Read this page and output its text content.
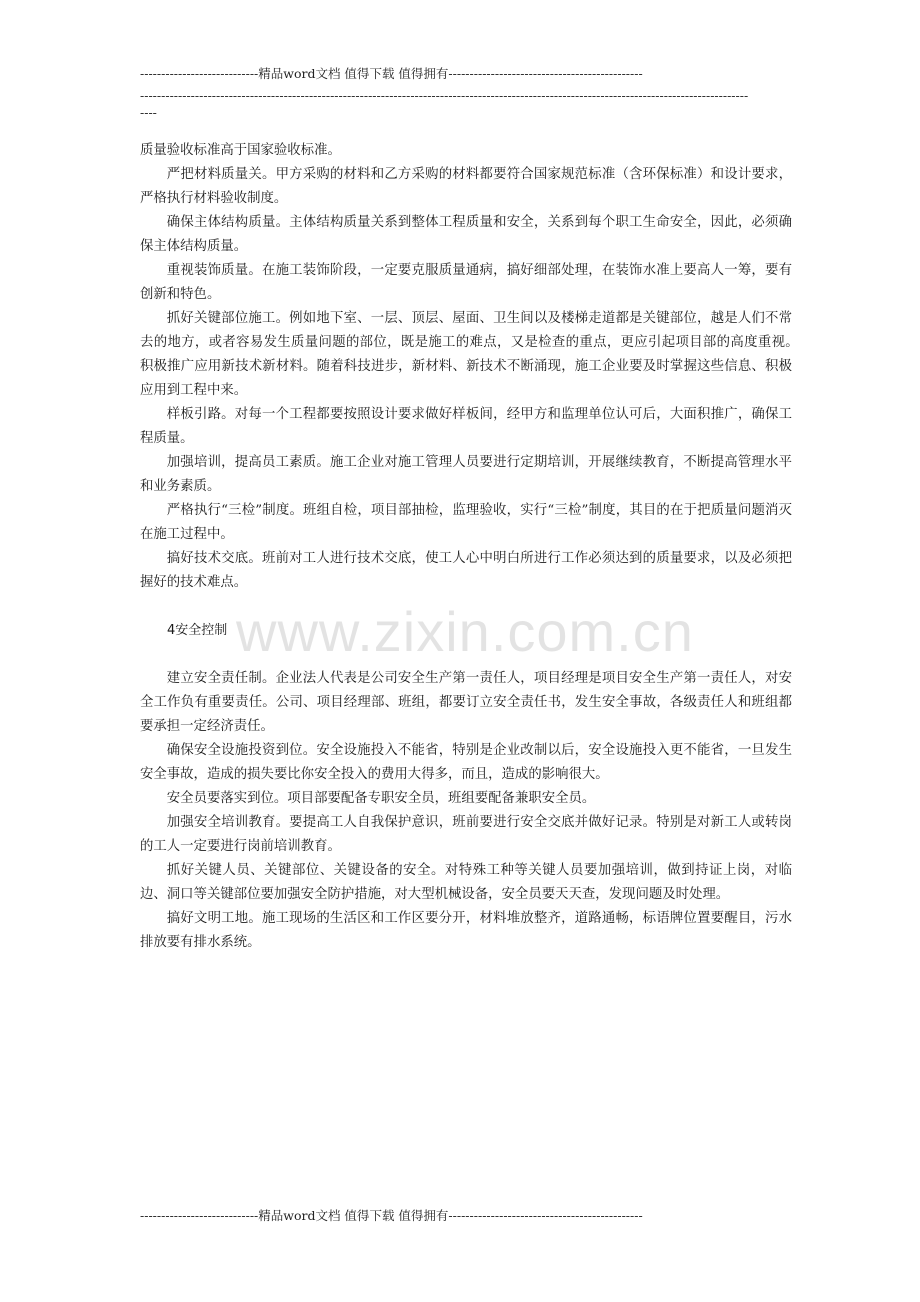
----------------------------精品word文档 值得下载 值得拥有----------------------------------------------
------------------------------------------------------------------------------------------------------------------------------------------------
----

质量验收标准高于国家验收标准。

严把材料质量关。甲方采购的材料和乙方采购的材料都要符合国家规范标准（含环保标准）和设计要求，严格执行材料验收制度。

确保主体结构质量。主体结构质量关系到整体工程质量和安全，关系到每个职工生命安全，因此，必须确保主体结构质量。

重视装饰质量。在施工装饰阶段，一定要克服质量通病，搞好细部处理，在装饰水准上要高人一筹，要有创新和特色。

抓好关键部位施工。例如地下室、一层、顶层、屋面、卫生间以及楼梯走道都是关键部位，越是人们不常去的地方，或者容易发生质量问题的部位，既是施工的难点，又是检查的重点，更应引起项目部的高度重视。　积极推广应用新技术新材料。随着科技进步，新材料、新技术不断涌现，施工企业要及时掌握这些信息、积极应用到工程中来。

样板引路。对每一个工程都要按照设计要求做好样板间，经甲方和监理单位认可后，大面积推广，确保工程质量。

加强培训，提高员工素质。施工企业对施工管理人员要进行定期培训，开展继续教育，不断提高管理水平和业务素质。

严格执行“三检”制度。班组自检，项目部抽检，监理验收，实行“三检”制度，其目的在于把质量问题消灭在施工过程中。

搞好技术交底。班前对工人进行技术交底，使工人心中明白所进行工作必须达到的质量要求，以及必须把握好的技术难点。

4安全控制

建立安全责任制。企业法人代表是公司安全生产第一责任人，项目经理是项目安全生产第一责任人，对安全工作负有重要责任。公司、项目经理部、班组，都要订立安全责任书，发生安全事故，各级责任人和班组都要承担一定经济责任。

确保安全设施投资到位。安全设施投入不能省，特别是企业改制以后，安全设施投入更不能省，一旦发生安全事故，造成的损失要比你安全投入的费用大得多，而且，造成的影响很大。

安全员要落实到位。项目部要配备专职安全员，班组要配备兼职安全员。

加强安全培训教育。要提高工人自我保护意识，班前要进行安全交底并做好记录。特别是对新工人或转岗的工人一定要进行岗前培训教育。

抓好关键人员、关键部位、关键设备的安全。对特殊工种等关键人员要加强培训，做到持证上岗，对临边、洞口等关键部位要加强安全防护措施，对大型机械设备，安全员要天天查，发现问题及时处理。

搞好文明工地。施工现场的生活区和工作区要分开，材料堆放整齐，道路通畅，标语牌位置要醒目，污水排放要有排水系统。

www.zixin.com.cn
----------------------------精品word文档 值得下载 值得拥有----------------------------------------------
